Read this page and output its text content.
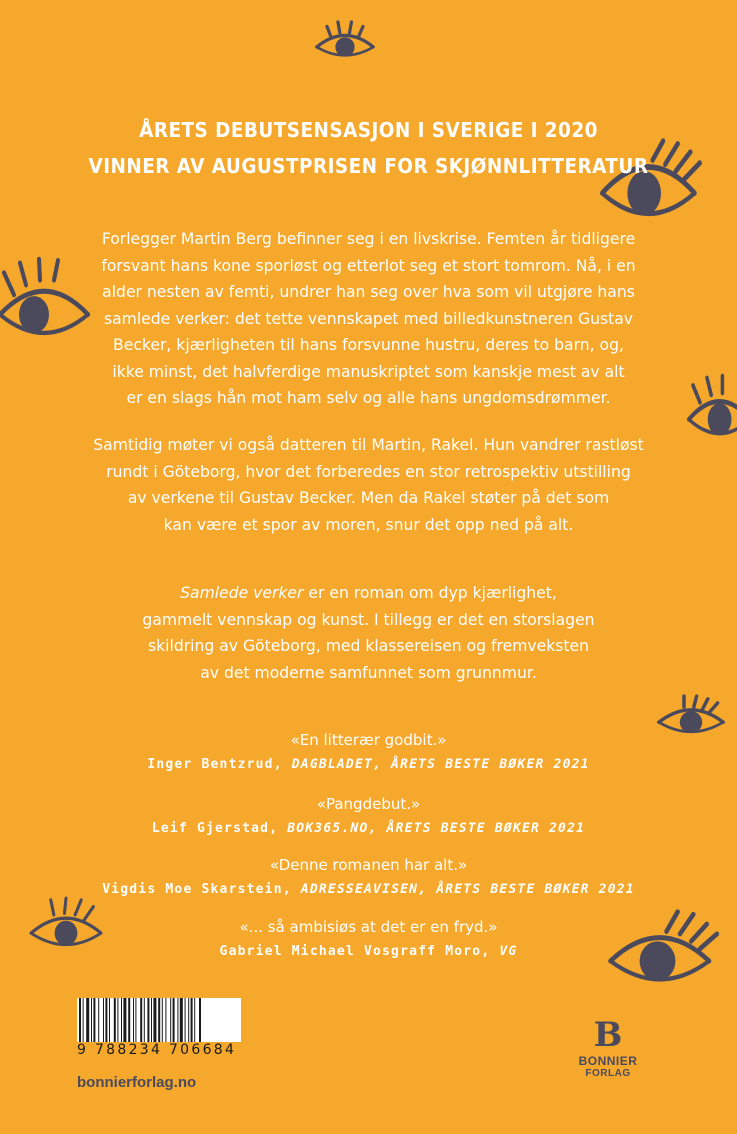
ÅRETS DEBUTSENSASJON I SVERIGE I 2020
VINNER AV AUGUSTPRISEN FOR SKJØNNLITTERATUR
Forlegger Martin Berg befinner seg i en livskrise. Femten år tidligere
forsvant hans kone sporløst og etterlot seg et stort tomrom. Nå, i en
alder nesten av femti, undrer han seg over hva som vil utgjøre hans
samlede verker: det tette vennskapet med billedkunstneren Gustav
Becker, kjærligheten til hans forsvunne hustru, deres to barn, og,
ikke minst, det halvferdige manuskriptet som kanskje mest av alt
er en slags hån mot ham selv og alle hans ungdomsdrømmer.
Samtidig møter vi også datteren til Martin, Rakel. Hun vandrer rastløst
rundt i Göteborg, hvor det forberedes en stor retrospektiv utstilling
av verkene til Gustav Becker. Men da Rakel støter på det som
kan være et spor av moren, snur det opp ned på alt.
Samlede verker er en roman om dyp kjærlighet,
gammelt vennskap og kunst. I tillegg er det en storslagen
skildring av Göteborg, med klassereisen og fremveksten
av det moderne samfunnet som grunnmur.
«En litterær godbit.»
Inger Bentzrud, DAGBLADET, ÅRETS BESTE BØKER 2021
«Pangdebut.»
Leif Gjerstad, BOK365.NO, ÅRETS BESTE BØKER 2021
«Denne romanen har alt.»
Vigdis Moe Skarstein, ADRESSEAVISEN, ÅRETS BESTE BØKER 2021
«... så ambisiøs at det er en fryd.»
Gabriel Michael Vosgraff Moro, VG
9 788234 706684
bonnierforlag.no
B
BONNIER
FORLAG
